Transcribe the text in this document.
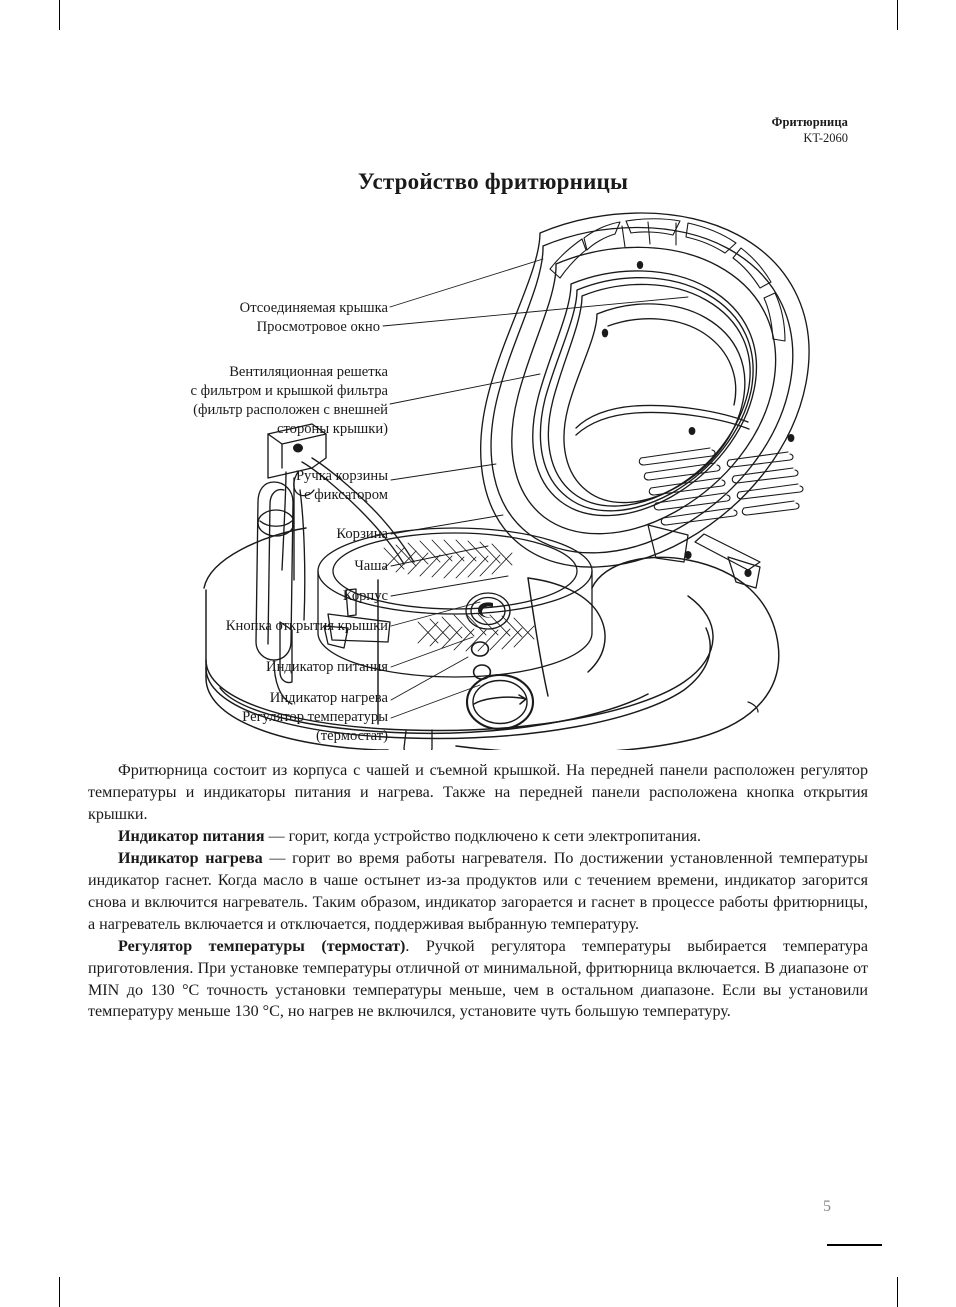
Фритюрница
KT-2060
Устройство фритюрницы
Отсоединяемая крышка
Просмотровое окно
Вентиляционная решетка
с фильтром и крышкой фильтра
(фильтр расположен с внешней
стороны крышки)
Ручка корзины
с фиксатором
Корзина
Чаша
Корпус
Кнопка открытия крышки
Индикатор питания
Индикатор нагрева
Регулятор температуры
(термостат)

Фритюрница состоит из корпуса с чашей и съемной крышкой. На передней панели расположен регулятор температуры и индикаторы питания и нагрева. Также на передней панели расположена кнопка открытия крышки.

Индикатор питания — горит, когда устройство подключено к сети электропитания.

Индикатор нагрева — горит во время работы нагревателя. По достижении установленной температуры индикатор гаснет. Когда масло в чаше остынет из-за продуктов или с течением времени, индикатор загорится снова и включится нагреватель. Таким образом, индикатор загорается и гаснет в процессе работы фритюрницы, а нагреватель включается и отключается, поддерживая выбранную температуру.

Регулятор температуры (термостат). Ручкой регулятора температуры выбирается температура приготовления. При установке температуры отличной от минимальной, фритюрница включается. В диапазоне от MIN до 130 °C точность установки температуры меньше, чем в остальном диапазоне. Если вы установили температуру меньше 130 °C, но нагрев не включился, установите чуть большую температуру.

5
